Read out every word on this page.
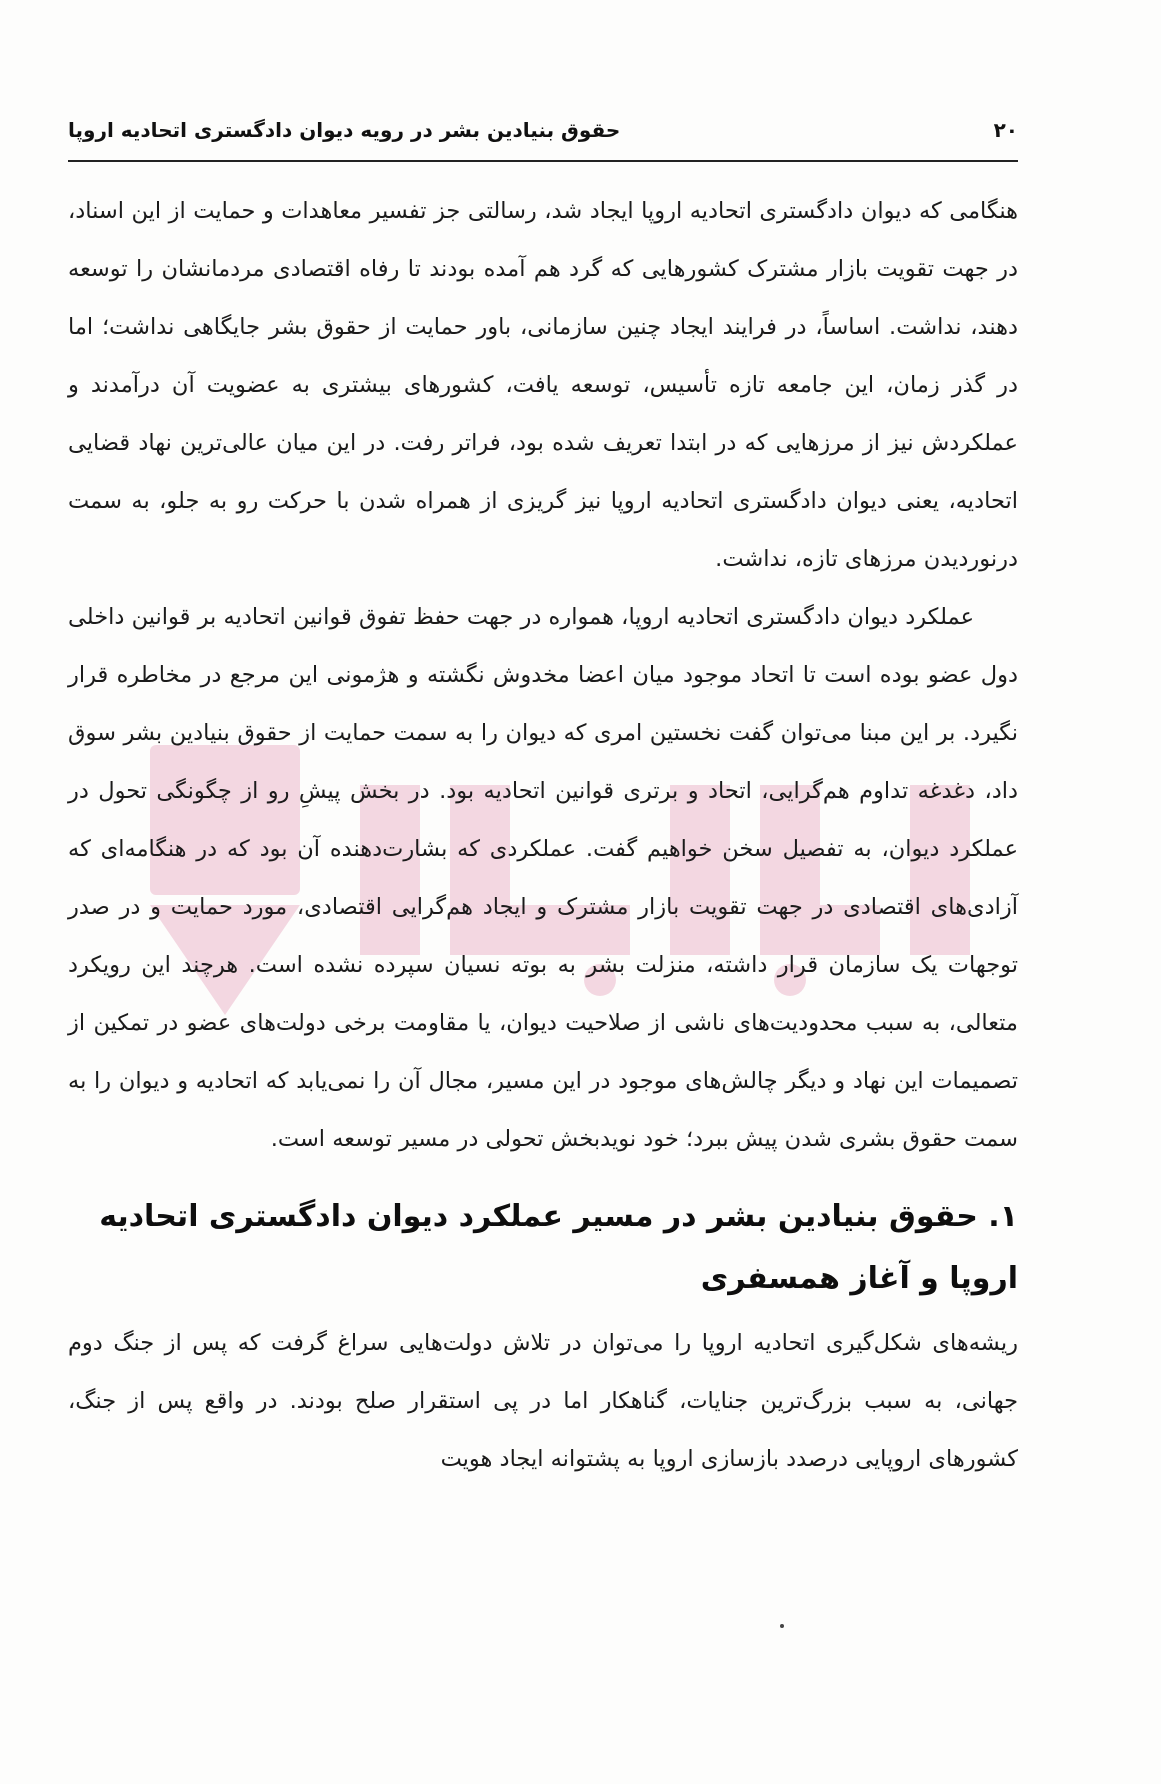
۲۰
حقوق بنیادین بشر در رویه دیوان دادگستری اتحادیه اروپا

هنگامی که دیوان دادگستری اتحادیه اروپا ایجاد شد، رسالتی جز تفسیر معاهدات و حمایت از این اسناد، در جهت تقویت بازار مشترک کشورهایی که گرد هم آمده بودند تا رفاه اقتصادی مردمانشان را توسعه دهند، نداشت. اساساً، در فرایند ایجاد چنین سازمانی، باور حمایت از حقوق بشر جایگاهی نداشت؛ اما در گذر زمان، این جامعه تازه تأسیس، توسعه یافت، کشورهای بیشتری به عضویت آن درآمدند و عملکردش نیز از مرزهایی که در ابتدا تعریف شده بود، فراتر رفت. در این میان عالی‌ترین نهاد قضایی اتحادیه، یعنی دیوان دادگستری اتحادیه اروپا نیز گریزی از همراه شدن با حرکت رو به جلو، به سمت درنوردیدن مرزهای تازه، نداشت.

عملکرد دیوان دادگستری اتحادیه اروپا، همواره در جهت حفظ تفوق قوانین اتحادیه بر قوانین داخلی دول عضو بوده است تا اتحاد موجود میان اعضا مخدوش نگشته و هژمونی این مرجع در مخاطره قرار نگیرد. بر این مبنا می‌توان گفت نخستین امری که دیوان را به سمت حمایت از حقوق بنیادین بشر سوق داد، دغدغه تداوم هم‌گرایی، اتحاد و برتری قوانین اتحادیه بود. در بخش پیشِ رو از چگونگی تحول در عملکرد دیوان، به تفصیل سخن خواهیم گفت. عملکردی که بشارت‌دهنده آن بود که در هنگامه‌ای که آزادی‌های اقتصادی در جهت تقویت بازار مشترک و ایجاد هم‌گرایی اقتصادی، مورد حمایت و در صدر توجهات یک سازمان قرار داشته، منزلت بشر به بوته نسیان سپرده نشده است. هرچند این رویکرد متعالی، به سبب محدودیت‌های ناشی از صلاحیت دیوان، یا مقاومت برخی دولت‌های عضو در تمکین از تصمیمات این نهاد و دیگر چالش‌های موجود در این مسیر، مجال آن را نمی‌یابد که اتحادیه و دیوان را به سمت حقوق بشری شدن پیش ببرد؛ خود نویدبخش تحولی در مسیر توسعه است.

۱. حقوق بنیادین بشر در مسیر عملکرد دیوان دادگستری اتحادیه اروپا و آغاز همسفری

ریشه‌های شکل‌گیری اتحادیه اروپا را می‌توان در تلاش دولت‌هایی سراغ گرفت که پس از جنگ دوم جهانی، به سبب بزرگ‌ترین جنایات، گناهکار اما در پی استقرار صلح بودند. در واقع پس از جنگ، کشورهای اروپایی درصدد بازسازی اروپا به پشتوانه ایجاد هویت
